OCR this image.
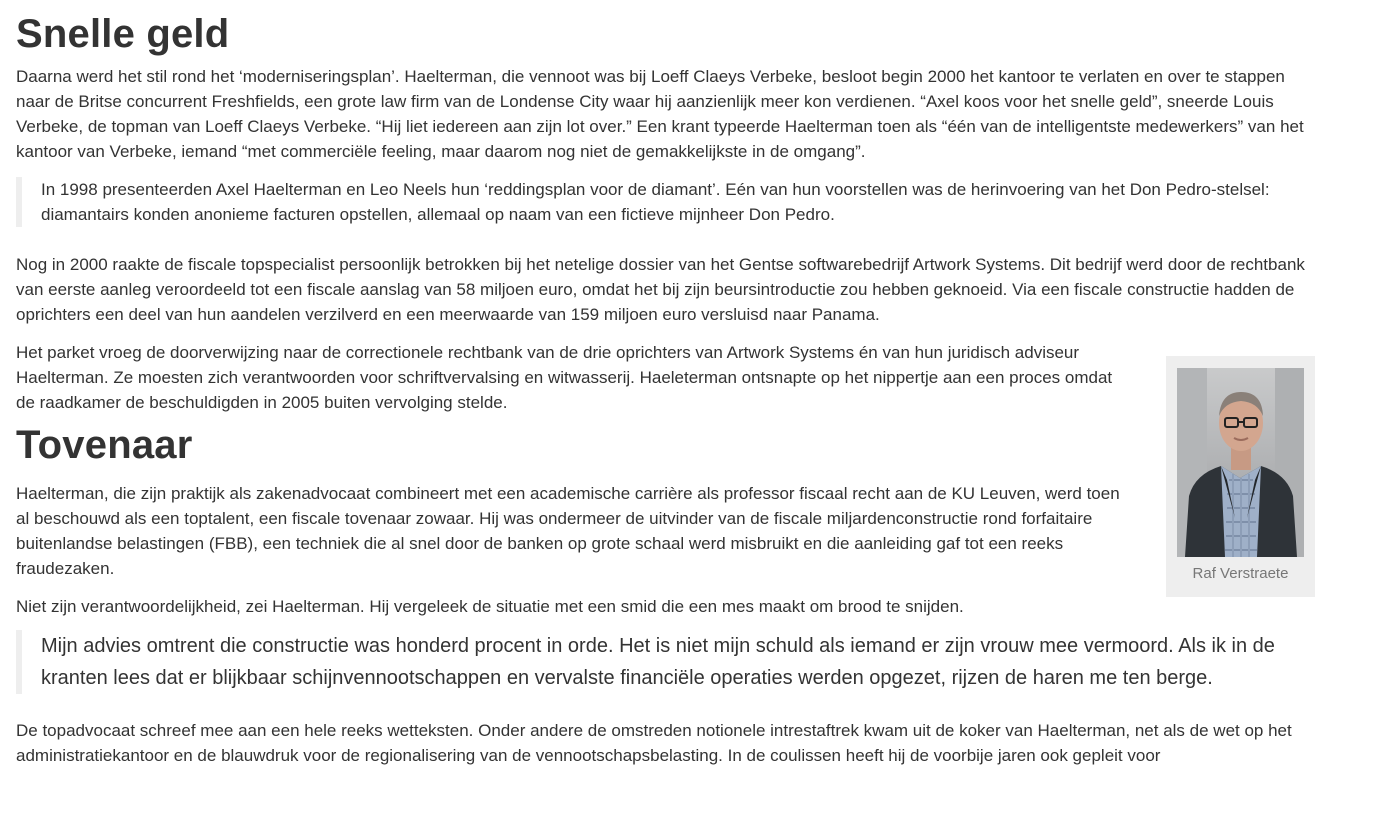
Snelle geld

Daarna werd het stil rond het ‘moderniseringsplan’. Haelterman, die vennoot was bij Loeff Claeys Verbeke, besloot begin 2000 het kantoor te verlaten en over te stappen naar de Britse concurrent Freshfields, een grote law firm van de Londense City waar hij aanzienlijk meer kon verdienen. “Axel koos voor het snelle geld”, sneerde Louis Verbeke, de topman van Loeff Claeys Verbeke. “Hij liet iedereen aan zijn lot over.” Een krant typeerde Haelterman toen als “één van de intelligentste medewerkers” van het kantoor van Verbeke, iemand “met commerciële feeling, maar daarom nog niet de gemakkelijkste in de omgang”.

In 1998 presenteerden Axel Haelterman en Leo Neels hun ‘reddingsplan voor de diamant’. Eén van hun voorstellen was de herinvoering van het Don Pedro-stelsel: diamantairs konden anonieme facturen opstellen, allemaal op naam van een fictieve mijnheer Don Pedro.

Nog in 2000 raakte de fiscale topspecialist persoonlijk betrokken bij het netelige dossier van het Gentse softwarebedrijf Artwork Systems. Dit bedrijf werd door de rechtbank van eerste aanleg veroordeeld tot een fiscale aanslag van 58 miljoen euro, omdat het bij zijn beursintroductie zou hebben geknoeid. Via een fiscale constructie hadden de oprichters een deel van hun aandelen verzilverd en een meerwaarde van 159 miljoen euro versluisd naar Panama.

Het parket vroeg de doorverwijzing naar de correctionele rechtbank van de drie oprichters van Artwork Systems én van hun juridisch adviseur Haelterman. Ze moesten zich verantwoorden voor schriftvervalsing en witwasserij. Haeleterman ontsnapte op het nippertje aan een proces omdat de raadkamer de beschuldigden in 2005 buiten vervolging stelde.

Tovenaar

Haelterman, die zijn praktijk als zakenadvocaat combineert met een academische carrière als professor fiscaal recht aan de KU Leuven, werd toen al beschouwd als een toptalent, een fiscale tovenaar zowaar. Hij was ondermeer de uitvinder van de fiscale miljardenconstructie rond forfaitaire buitenlandse belastingen (FBB), een techniek die al snel door de banken op grote schaal werd misbruikt en die aanleiding gaf tot een reeks fraudezaken.

Niet zijn verantwoordelijkheid, zei Haelterman. Hij vergeleek de situatie met een smid die een mes maakt om brood te snijden.

Mijn advies omtrent die constructie was honderd procent in orde. Het is niet mijn schuld als iemand er zijn vrouw mee vermoord. Als ik in de kranten lees dat er blijkbaar schijnvennootschappen en vervalste financiële operaties werden opgezet, rijzen de haren me ten berge.

De topadvocaat schreef mee aan een hele reeks wetteksten. Onder andere de omstreden notionele intrestaftrek kwam uit de koker van Haelterman, net als de wet op het administratiekantoor en de blauwdruk voor de regionalisering van de vennootschapsbelasting. In de coulissen heeft hij de voorbije jaren ook gepleit voor

Raf Verstraete
